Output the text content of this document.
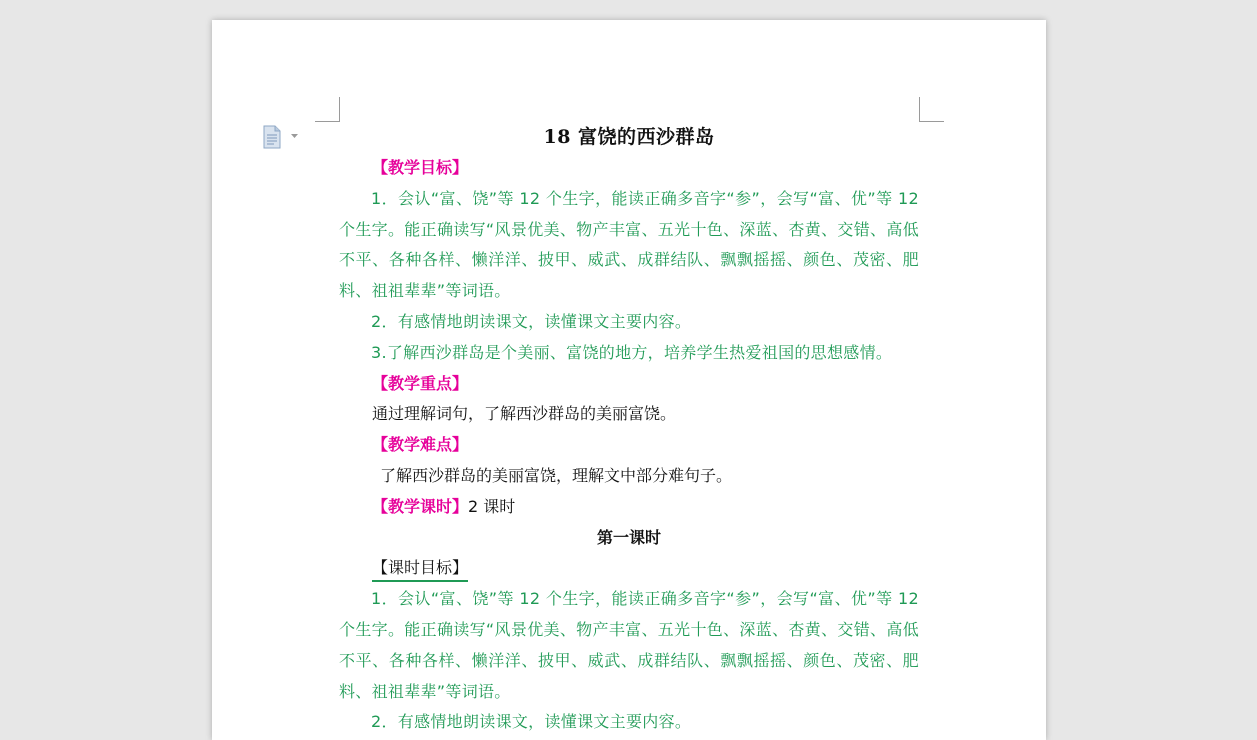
18 富饶的西沙群岛
【教学目标】
1．会认“富、饶”等 12 个生字，能读正确多音字“参”，会写“富、优”等 12 个生字。能正确读写“风景优美、物产丰富、五光十色、深蓝、杏黄、交错、高低不平、各种各样、懒洋洋、披甲、威武、成群结队、飘飘摇摇、颜色、茂密、肥料、祖祖辈辈”等词语。
2．有感情地朗读课文，读懂课文主要内容。
3.了解西沙群岛是个美丽、富饶的地方，培养学生热爱祖国的思想感情。
【教学重点】
通过理解词句，了解西沙群岛的美丽富饶。
【教学难点】
了解西沙群岛的美丽富饶，理解文中部分难句子。
【教学课时】2 课时
第一课时
【课时目标】
1．会认“富、饶”等 12 个生字，能读正确多音字“参”，会写“富、优”等 12 个生字。能正确读写“风景优美、物产丰富、五光十色、深蓝、杏黄、交错、高低不平、各种各样、懒洋洋、披甲、威武、成群结队、飘飘摇摇、颜色、茂密、肥料、祖祖辈辈”等词语。
2．有感情地朗读课文，读懂课文主要内容。
